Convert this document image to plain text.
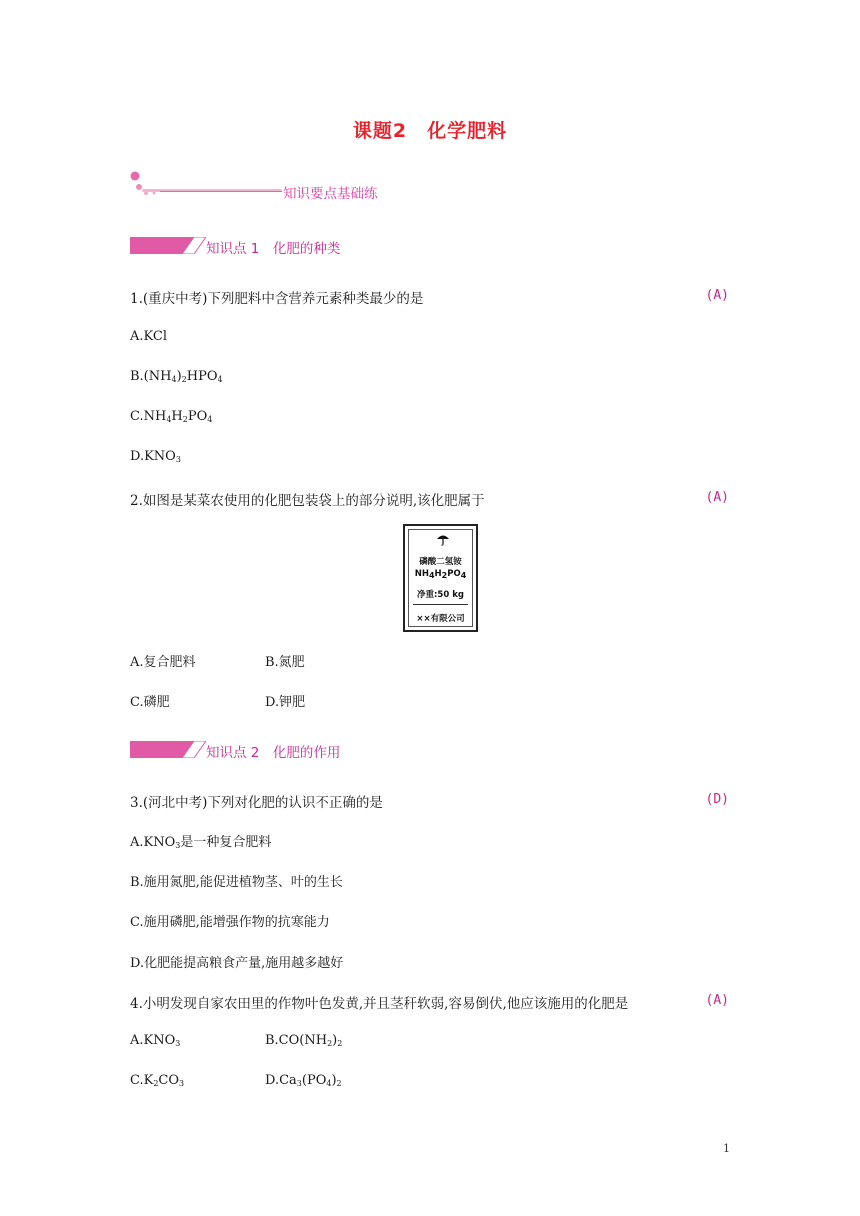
课题2　化学肥料
知识要点基础练
知识点 1　化肥的种类
1.(重庆中考)下列肥料中含营养元素种类最少的是	(A)
A.KCl
$B.(NH_4)_2HPO_4$
$C.NH_4H_2PO_4$
$D.KNO_3$
2.如图是某菜农使用的化肥包装袋上的部分说明,该化肥属于	(A)
磷酸二氢铵
$NH_4H_2PO_4$
净重:50 kg
××有限公司
A.复合肥料	B.氮肥
C.磷肥	D.钾肥
知识点 2　化肥的作用
3.(河北中考)下列对化肥的认识不正确的是	(D)
$A.KNO_3$是一种复合肥料
B.施用氮肥,能促进植物茎、叶的生长
C.施用磷肥,能增强作物的抗寒能力
D.化肥能提高粮食产量,施用越多越好
4.小明发现自家农田里的作物叶色发黄,并且茎秆软弱,容易倒伏,他应该施用的化肥是	(A)
$A.KNO_3$	$B.CO(NH_2)_2$
$C.K_2CO_3$	$D.Ca_3(PO_4)_2$
1
